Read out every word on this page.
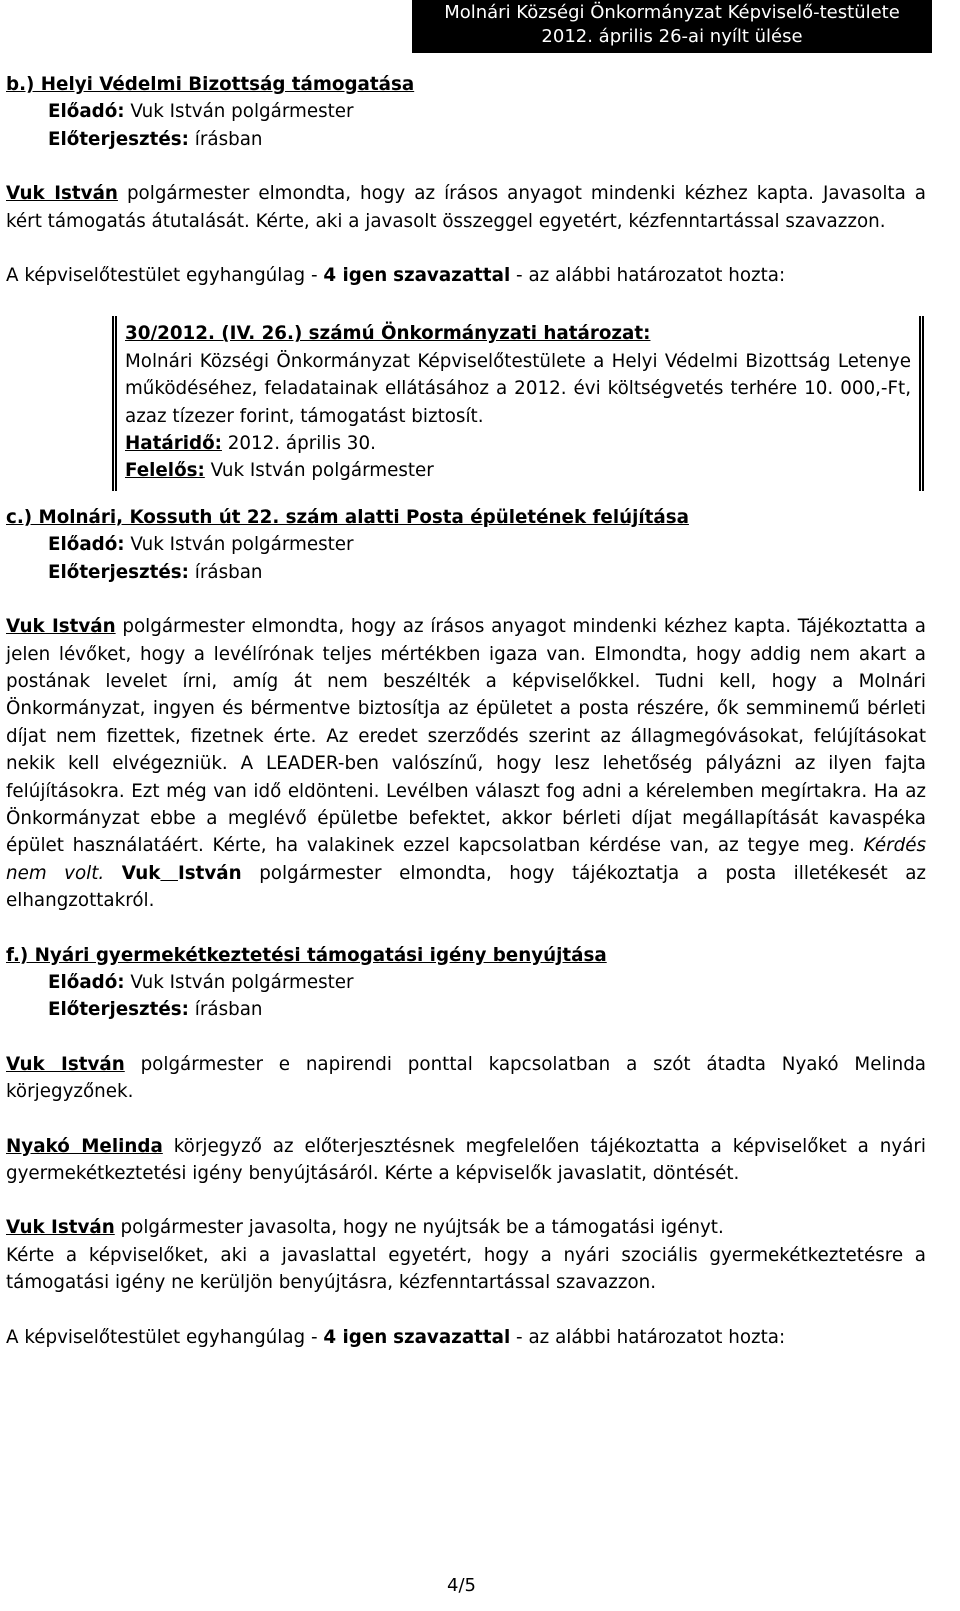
Molnári Községi Önkormányzat Képviselő-testülete
2012. április 26-ai nyílt ülése

b.) Helyi Védelmi Bizottság támogatása

Előadó: Vuk István polgármester

Előterjesztés: írásban

Vuk István polgármester elmondta, hogy az írásos anyagot mindenki kézhez kapta. Javasolta a kért támogatás átutalását. Kérte, aki a javasolt összeggel egyetért, kézfenntartással szavazzon.

A képviselőtestület egyhangúlag - 4 igen szavazattal - az alábbi határozatot hozta:

30/2012. (IV. 26.) számú Önkormányzati határozat:

Molnári Községi Önkormányzat Képviselőtestülete a Helyi Védelmi Bizottság Letenye működéséhez, feladatainak ellátásához a 2012. évi költségvetés terhére 10. 000,-Ft, azaz tízezer forint, támogatást biztosít.

Határidő: 2012. április 30.

Felelős: Vuk István polgármester

c.) Molnári, Kossuth út 22. szám alatti Posta épületének felújítása

Előadó: Vuk István polgármester

Előterjesztés: írásban

Vuk István polgármester elmondta, hogy az írásos anyagot mindenki kézhez kapta. Tájékoztatta a jelen lévőket, hogy a levélírónak teljes mértékben igaza van. Elmondta, hogy addig nem akart a postának levelet írni, amíg át nem beszélték a képviselőkkel. Tudni kell, hogy a Molnári Önkormányzat, ingyen és bérmentve biztosítja az épületet a posta részére, ők semminemű bérleti díjat nem fizettek, fizetnek érte. Az eredet szerződés szerint az állagmegóvásokat, felújításokat nekik kell elvégezniük. A LEADER-ben valószínű, hogy lesz lehetőség pályázni az ilyen fajta felújításokra. Ezt még van idő eldönteni. Levélben választ fog adni a kérelemben megírtakra. Ha az Önkormányzat ebbe a meglévő épületbe befektet, akkor bérleti díjat megállapítását kavaspéka épület használatáért. Kérte, ha valakinek ezzel kapcsolatban kérdése van, az tegye meg. Kérdés nem volt. Vuk István polgármester elmondta, hogy tájékoztatja a posta illetékesét az elhangzottakról.

f.) Nyári gyermekétkeztetési támogatási igény benyújtása

Előadó: Vuk István polgármester

Előterjesztés: írásban

Vuk István polgármester e napirendi ponttal kapcsolatban a szót átadta Nyakó Melinda körjegyzőnek.

Nyakó Melinda körjegyző az előterjesztésnek megfelelően tájékoztatta a képviselőket a nyári gyermekétkeztetési igény benyújtásáról. Kérte a képviselők javaslatit, döntését.

Vuk István polgármester javasolta, hogy ne nyújtsák be a támogatási igényt.

Kérte a képviselőket, aki a javaslattal egyetért, hogy a nyári szociális gyermekétkeztetésre a támogatási igény ne kerüljön benyújtásra, kézfenntartással szavazzon.

A képviselőtestület egyhangúlag - 4 igen szavazattal - az alábbi határozatot hozta:

4/5
